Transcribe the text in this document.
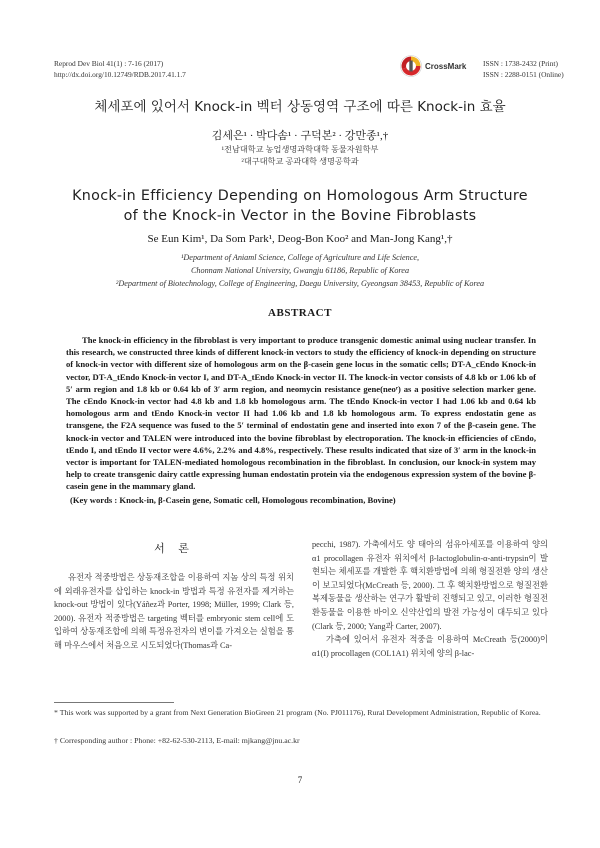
Reprod Dev Biol 41(1) : 7-16 (2017)
http://dx.doi.org/10.12749/RDB.2017.41.1.7
CrossMark ISSN : 1738-2432 (Print)
ISSN : 2288-0151 (Online)
체세포에 있어서 Knock-in 벡터 상동영역 구조에 따른 Knock-in 효율
김세은¹ · 박다솜¹ · 구덕본² · 강만종¹,†
¹전남대학교 농업생명과학대학 동물자원학부
²대구대학교 공과대학 생명공학과
Knock-in Efficiency Depending on Homologous Arm Structure
of the Knock-in Vector in the Bovine Fibroblasts
Se Eun Kim¹, Da Som Park¹, Deog-Bon Koo² and Man-Jong Kang¹,†
¹Department of Aniaml Science, College of Agriculture and Life Science,
Chonnam National University, Gwangju 61186, Republic of Korea
²Department of Biotechnology, College of Engineering, Daegu University, Gyeongsan 38453, Republic of Korea
ABSTRACT
The knock-in efficiency in the fibroblast is very important to produce transgenic domestic animal using nuclear transfer. In this research, we constructed three kinds of different knock-in vectors to study the efficiency of knock-in depending on structure of knock-in vector with different size of homologous arm on the β-casein gene locus in the somatic cells; DT-A_cEndo Knock-in vector, DT-A_tEndo Knock-in vector I, and DT-A_tEndo Knock-in vector II. The knock-in vector consists of 4.8 kb or 1.06 kb of 5′ arm region and 1.8 kb or 0.64 kb of 3′ arm region, and neomycin resistance gene(neoʳ) as a positive selection marker gene. The cEndo Knock-in vector had 4.8 kb and 1.8 kb homologous arm. The tEndo Knock-in vector I had 1.06 kb and 0.64 kb homologous arm and tEndo Knock-in vector II had 1.06 kb and 1.8 kb homologous arm. To express endostatin gene as transgene, the F2A sequence was fused to the 5′ terminal of endostatin gene and inserted into exon 7 of the β-casein gene. The knock-in vector and TALEN were introduced into the bovine fibroblast by electroporation. The knock-in efficiencies of cEndo, tEndo I, and tEndo II vector were 4.6%, 2.2% and 4.8%, respectively. These results indicated that size of 3′ arm in the knock-in vector is important for TALEN-mediated homologous recombination in the fibroblast. In conclusion, our knock-in system may help to create transgenic dairy cattle expressing human endostatin protein via the endogenous expression system of the bovine β-casein gene in the mammary gland.
(Key words : Knock-in, β-Casein gene, Somatic cell, Homologous recombination, Bovine)
서 론
유전자 적중방법은 상동재조합을 이용하여 지놈 상의 특정 위치에 외래유전자를 삽입하는 knock-in 방법과 특정 유전자를 제거하는 knock-out 방법이 있다(Yáñez과 Porter, 1998; Müller, 1999; Clark 등, 2000). 유전자 적중방법은 targeting 벡터를 embryonic stem cell에 도입하여 상동재조합에 의해 특정유전자의 변이를 가져오는 실험을 통해 마우스에서 처음으로 시도되었다(Thomas과 Ca-

pecchi, 1987). 가축에서도 양 태아의 섬유아세포를 이용하여 양의 α1 procollagen 유전자 위치에서 β-lactoglobulin-α-anti-trypsin이 발현되는 체세포를 개발한 후 핵치환방법에 의해 형질전환 양의 생산이 보고되었다(McCreath 등, 2000). 그 후 핵치환방법으로 형질전환 복제동물을 생산하는 연구가 활발히 진행되고 있고, 이러한 형질전환동물을 이용한 바이오 신약산업의 발전 가능성이 대두되고 있다(Clark 등, 2000; Yang과 Carter, 2007).

가축에 있어서 유전자 적중을 이용하여 McCreath 등(2000)이 α1(I) procollagen (COL1A1) 위치에 양의 β-lac-

* This work was supported by a grant from Next Generation BioGreen 21 program (No. PJ011176), Rural Development Administration, Republic of Korea.
† Corresponding author : Phone: +82-62-530-2113, E-mail: mjkang@jnu.ac.kr
7
